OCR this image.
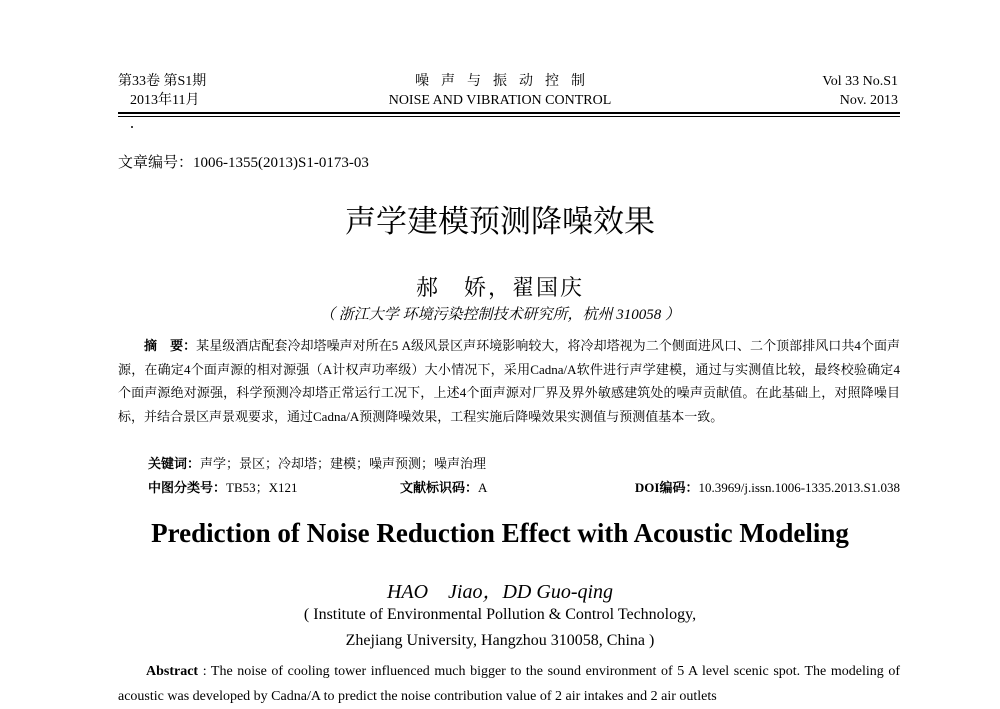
第33卷 第S1期
2013年11月
噪声与振动控制
NOISE AND VIBRATION CONTROL
Vol 33 No.S1
Nov. 2013
文章编号：1006-1355(2013)S1-0173-03
声学建模预测降噪效果
郝　娇，翟国庆
（ 浙江大学 环境污染控制技术研究所，杭州 310058 ）
摘　要：某星级酒店配套冷却塔噪声对所在5 A级风景区声环境影响较大，将冷却塔视为二个侧面进风口、二个顶部排风口共4个面声源，在确定4个面声源的相对源强（A计权声功率级）大小情况下，采用Cadna/A软件进行声学建模，通过与实测值比较，最终校验确定4个面声源绝对源强，科学预测冷却塔正常运行工况下，上述4个面声源对厂界及界外敏感建筑处的噪声贡献值。在此基础上，对照降噪目标，并结合景区声景观要求，通过Cadna/A预测降噪效果，工程实施后降噪效果实测值与预测值基本一致。
关键词：声学；景区；冷却塔；建模；噪声预测；噪声治理
中图分类号：TB53；X121	文献标识码：A	DOI编码：10.3969/j.issn.1006-1335.2013.S1.038
Prediction of Noise Reduction Effect with Acoustic Modeling
HAO　Jiao，DD Guo-qing
( Institute of Environmental Pollution & Control Technology,
Zhejiang University, Hangzhou 310058, China )
Abstract : The noise of cooling tower influenced much bigger to the sound environment of 5 A level scenic spot. The modeling of acoustic was developed by Cadna/A to predict the noise contribution value of 2 air intakes and 2 air outlets
